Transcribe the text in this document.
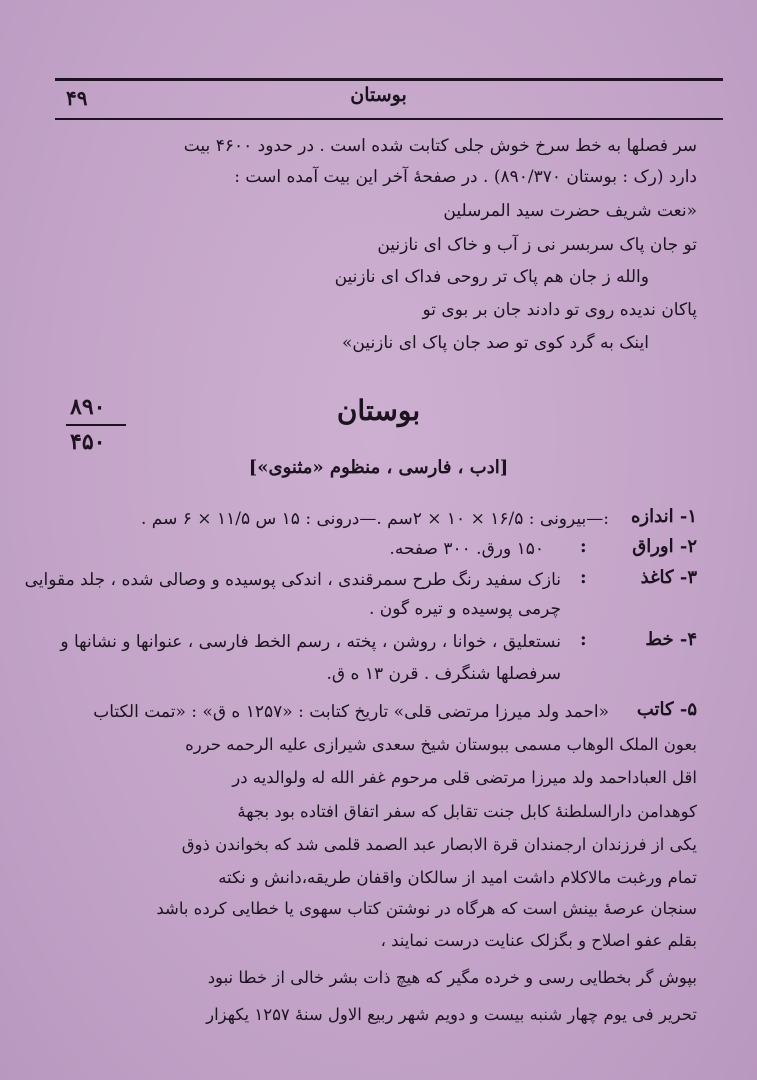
بوستان
۴۹
سر فصلها به خط سرخ خوش جلی کتابت شده است . در حدود ۴۶۰۰ بیت
دارد (رک : بوستان ۸۹۰/۳۷۰) . در صفحهٔ آخر این بیت آمده است :
«نعت شریف حضرت سید المرسلین
تو جان پاک سربسر نی ز آب و خاک ای نازنین
والله ز جان هم پاک تر روحی فداک ای نازنین
پاکان ندیده روی تو دادند جان بر بوی تو
اینک به گرد کوی تو صد جان پاک ای نازنین»
۸۹۰
۴۵۰
بوستان
[ادب ، فارسی ، منظوم «مثنوی»]
۱- اندازه
:—بیرونی : ۱۶/۵ × ۱۰ × ۲سم .—درونی : ۱۵ س ۱۱/۵ × ۶ سم .
۲- اوراق
:
۱۵۰ ورق. ۳۰۰ صفحه.
۳- کاغذ
:
نازک سفید رنگ طرح سمرقندی ، اندکی پوسیده و وصالی شده ، جلد مقوایی
چرمی پوسیده و تیره گون .
۴- خط
:
نستعلیق ، خوانا ، روشن ، پخته ، رسم الخط فارسی ، عنوانها و نشانها و
سرفصلها شنگرف . قرن ۱۳ ه ق.
۵- کاتب
«احمد ولد میرزا مرتضی قلی» تاریخ کتابت : «۱۲۵۷ ه ق» : «تمت الکتاب
بعون الملک الوهاب مسمی ببوستان شیخ سعدی شیرازی علیه الرحمه حرره
اقل العباداحمد ولد میرزا مرتضی قلی مرحوم غفر الله له ولوالدیه در
کوهدامن دارالسلطنهٔ کابل جنت تقابل که سفر اتفاق افتاده بود بجههٔ
یکی از فرزندان ارجمندان قرة الابصار عبد الصمد قلمی شد که بخواندن ذوق
تمام ورغبت مالاکلام داشت امید از سالکان واقفان طریقه،دانش و نکته
سنجان عرصهٔ بینش است که هرگاه در نوشتن کتاب سهوی یا خطایی کرده باشد
بقلم عفو اصلاح و بگزلک عنایت درست نمایند ،
بپوش گر بخطایی رسی و خرده مگیر که هیچ ذات بشر خالی از خطا نبود
تحریر فی یوم چهار شنبه بیست و دویم شهر ربیع الاول سنهٔ ۱۲۵۷ یکهزار
